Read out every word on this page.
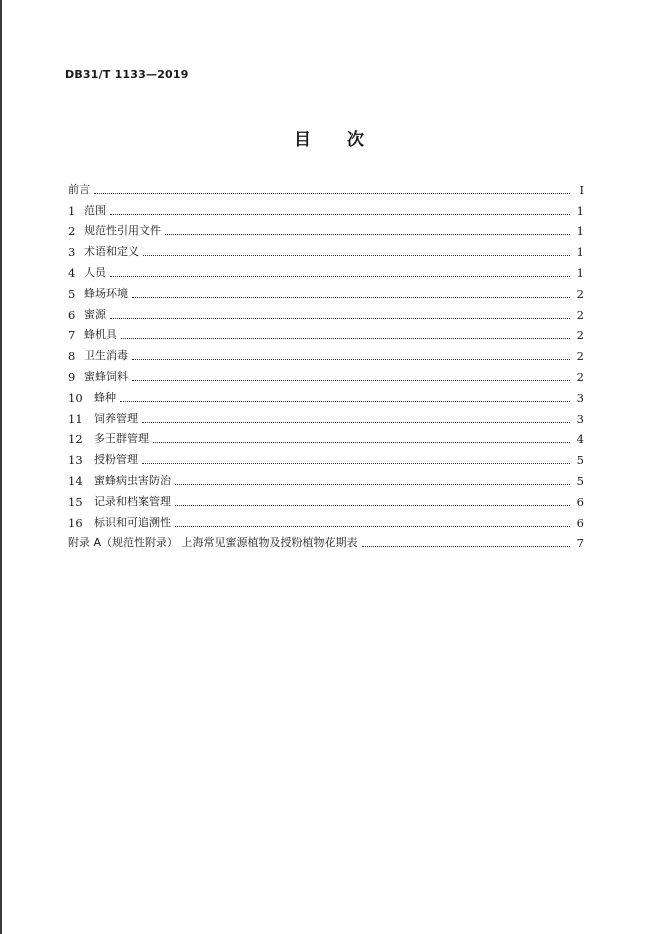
DB31/T 1133—2019
目 次
前言	Ⅰ
1 范围	1
2 规范性引用文件	1
3 术语和定义	1
4 人员	1
5 蜂场环境	2
6 蜜源	2
7 蜂机具	2
8 卫生消毒	2
9 蜜蜂饲料	2
10	蜂种	3
11	饲养管理	3
12	多王群管理	4
13	授粉管理	5
14	蜜蜂病虫害防治	5
15	记录和档案管理	6
16	标识和可追溯性	6
附录 A（规范性附录） 上海常见蜜源植物及授粉植物花期表	7
